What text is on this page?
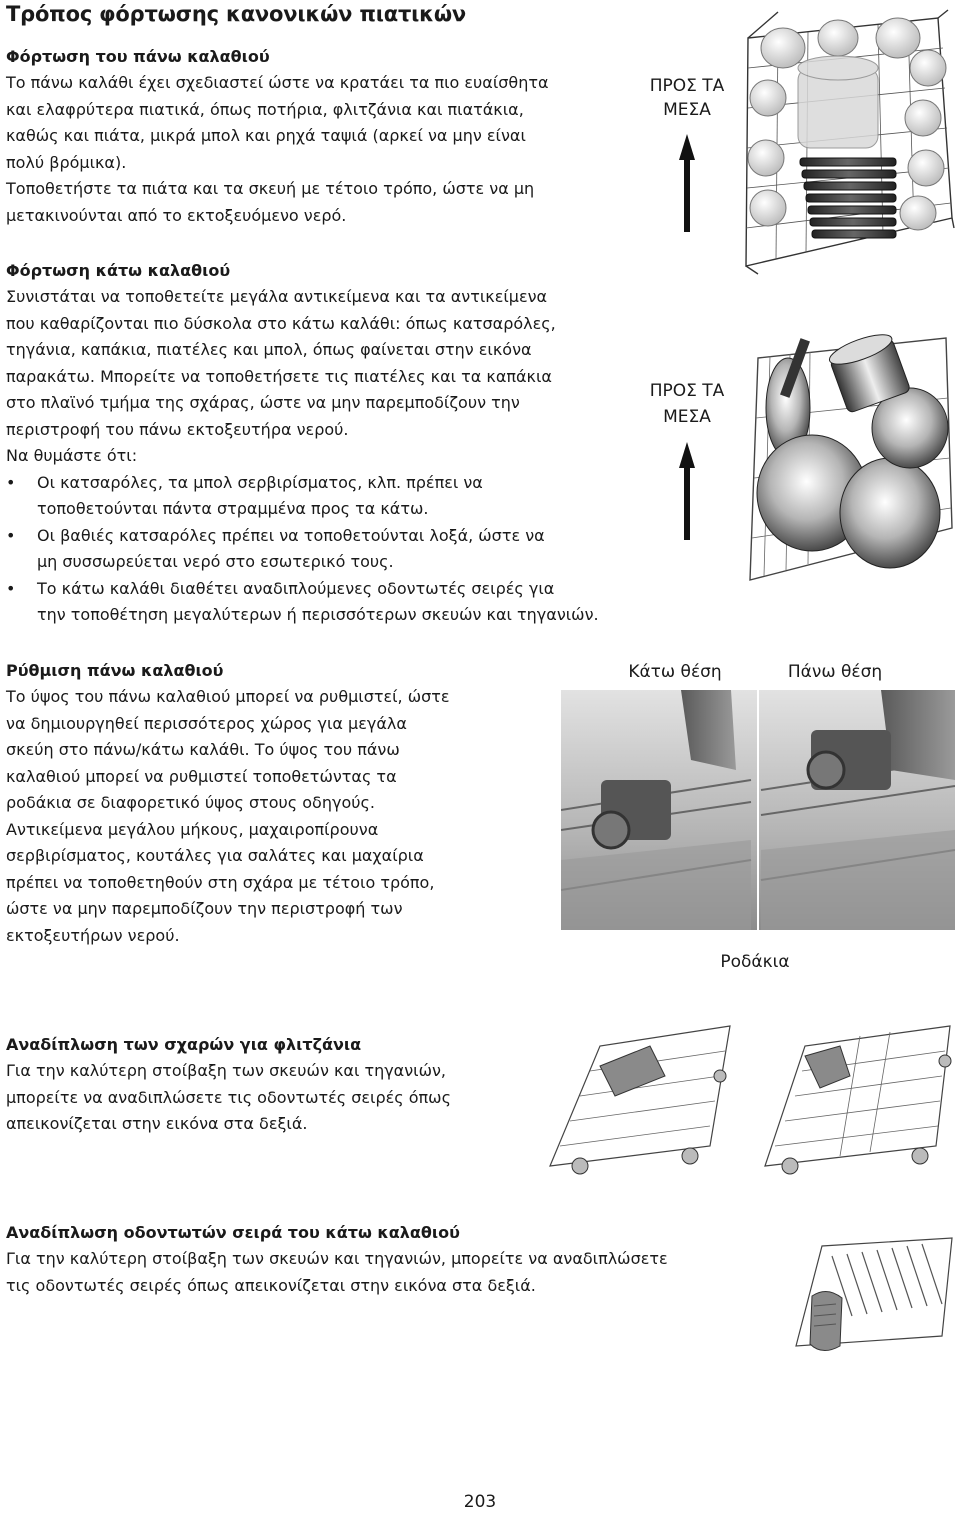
Τρόπος φόρτωσης κανονικών πιατικών
Φόρτωση του πάνω καλαθιού
Το πάνω καλάθι έχει σχεδιαστεί ώστε να κρατάει τα πιο ευαίσθητα
και ελαφρύτερα πιατικά, όπως ποτήρια, φλιτζάνια και πιατάκια,
καθώς και πιάτα, μικρά μπολ και ρηχά ταψιά (αρκεί να μην είναι
πολύ βρόμικα).
Τοποθετήστε τα πιάτα και τα σκευή με τέτοιο τρόπο, ώστε να μη
μετακινούνται από το εκτοξευόμενο νερό.
ΠΡΟΣ ΤΑ
ΜΕΣΑ
Φόρτωση κάτω καλαθιού
Συνιστάται να τοποθετείτε μεγάλα αντικείμενα και τα αντικείμενα
που καθαρίζονται πιο δύσκολα στο κάτω καλάθι: όπως κατσαρόλες,
τηγάνια, καπάκια, πιατέλες και μπολ, όπως φαίνεται στην εικόνα
παρακάτω. Μπορείτε να τοποθετήσετε τις πιατέλες και τα καπάκια
στο πλαϊνό τμήμα της σχάρας, ώστε να μην παρεμποδίζουν την
περιστροφή του πάνω εκτοξευτήρα νερού.
Να θυμάστε ότι:
• Οι κατσαρόλες, τα μπολ σερβιρίσματος, κλπ. πρέπει να
τοποθετούνται πάντα στραμμένα προς τα κάτω.
• Οι βαθιές κατσαρόλες πρέπει να τοποθετούνται λοξά, ώστε να
μη συσσωρεύεται νερό στο εσωτερικό τους.
• Το κάτω καλάθι διαθέτει αναδιπλούμενες οδοντωτές σειρές για
την τοποθέτηση μεγαλύτερων ή περισσότερων σκευών και τηγανιών.
ΠΡΟΣ ΤΑ
ΜΕΣΑ
Ρύθμιση πάνω καλαθιού
Το ύψος του πάνω καλαθιού μπορεί να ρυθμιστεί, ώστε
να δημιουργηθεί περισσότερος χώρος για μεγάλα
σκεύη στο πάνω/κάτω καλάθι. Το ύψος του πάνω
καλαθιού μπορεί να ρυθμιστεί τοποθετώντας τα
ροδάκια σε διαφορετικό ύψος στους οδηγούς.
Αντικείμενα μεγάλου μήκους, μαχαιροπίρουνα
σερβιρίσματος, κουτάλες για σαλάτες και μαχαίρια
πρέπει να τοποθετηθούν στη σχάρα με τέτοιο τρόπο,
ώστε να μην παρεμποδίζουν την περιστροφή των
εκτοξευτήρων νερού.
Κάτω θέση	Πάνω θέση
Ροδάκια
Αναδίπλωση των σχαρών για φλιτζάνια
Για την καλύτερη στοίβαξη των σκευών και τηγανιών,
μπορείτε να αναδιπλώσετε τις οδοντωτές σειρές όπως
απεικονίζεται στην εικόνα στα δεξιά.
Αναδίπλωση οδοντωτών σειρά του κάτω καλαθιού
Για την καλύτερη στοίβαξη των σκευών και τηγανιών, μπορείτε να αναδιπλώσετε
τις οδοντωτές σειρές όπως απεικονίζεται στην εικόνα στα δεξιά.
203
